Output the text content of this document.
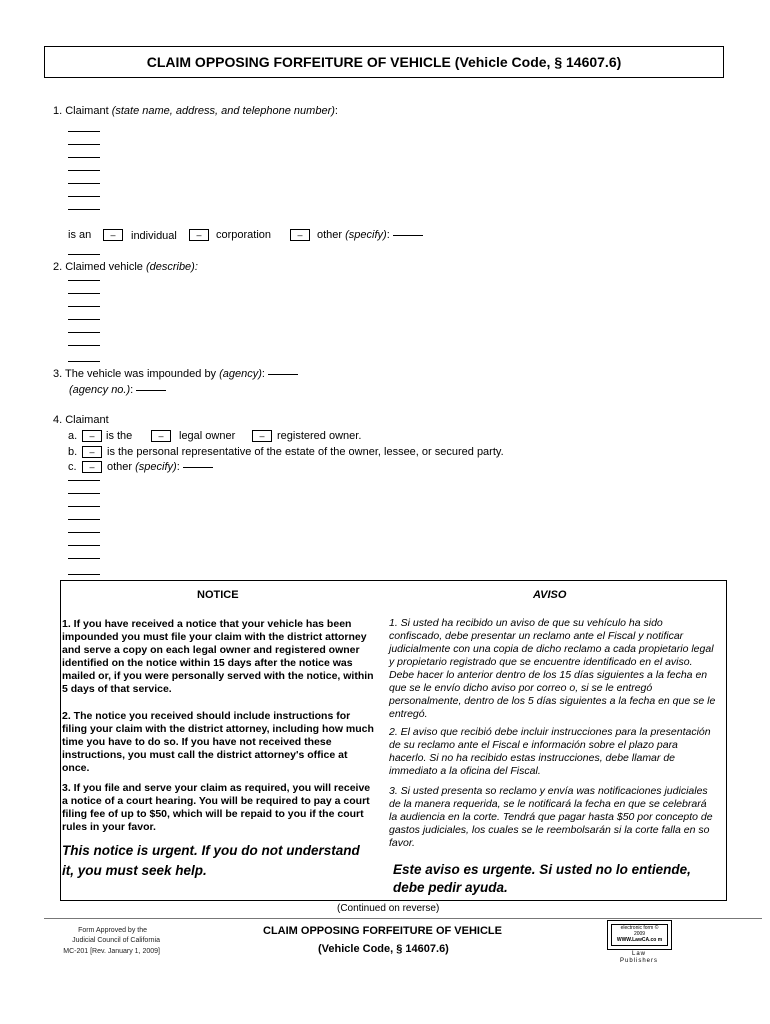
CLAIM OPPOSING FORFEITURE OF VEHICLE (Vehicle Code, § 14607.6)
1. Claimant (state name, address, and telephone number):
is an	–	individual	–	corporation	–	other (specify):
2. Claimed vehicle (describe):
3. The vehicle was impounded by (agency):
(agency no.):
4. Claimant
a.	–	is the	–	legal owner	–	registered owner.
b.	–	is the personal representative of the estate of the owner, lessee, or secured party.
c.	–	other (specify):
NOTICE	AVISO
1. If you have received a notice that your vehicle has been impounded you must file your claim with the district attorney and serve a copy on each legal owner and registered owner identified on the notice within 15 days after the notice was mailed or, if you were personally served with the notice, within 5 days of that service.
2. The notice you received should include instructions for filing your claim with the district attorney, including how much time you have to do so. If you have not received these instructions, you must call the district attorney's office at once.
3. If you file and serve your claim as required, you will receive a notice of a court hearing. You will be required to pay a court filing fee of up to $50, which will be repaid to you if the court rules in your favor.
This notice is urgent. If you do not understand it, you must seek help.
1. Si usted ha recibido un aviso de que su vehículo ha sido confiscado, debe presentar un reclamo ante el Fiscal y notificar judicialmente con una copia de dicho reclamo a cada propietario legal y propietario registrado que se encuentre identificado en el aviso. Debe hacer lo anterior dentro de los 15 días siguientes a la fecha en que se le envío dicho aviso por correo o, si se le entregó personalmente, dentro de los 5 días siguientes a la fecha en que se le entregó.
2. El aviso que recibió debe incluir instrucciones para la presentación de su reclamo ante el Fiscal e información sobre el plazo para hacerlo. Si no ha recibido estas instrucciones, debe llamar de immediato a la oficina del Fiscal.
3. Si usted presenta so reclamo y envía was notificaciones judiciales de la manera requerida, se le notificará la fecha en que se celebrará la audiencia en la corte. Tendrá que pagar hasta $50 por concepto de gastos judiciales, los cuales se le reembolsarán si la corte falla en so favor.
Este aviso es urgente. Si usted no lo entiende, debe pedir ayuda.
(Continued on reverse)
Form Approved by the
Judicial Council of California
MC-201 [Rev. January 1, 2009]
CLAIM OPPOSING FORFEITURE OF VEHICLE
(Vehicle Code, § 14607.6)
electronic form ©
2009
WWW.LawCA.co m
Law
Publishers
